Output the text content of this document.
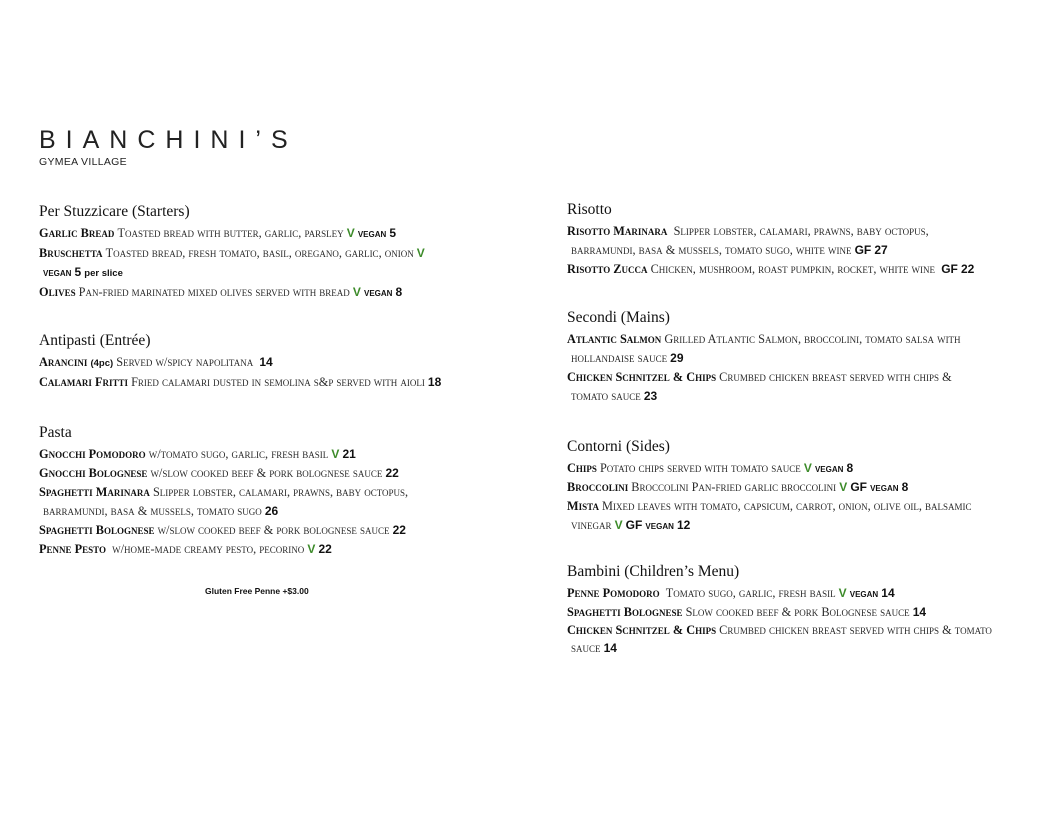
BIANCHINI’S
GYMEA VILLAGE
Per Stuzzicare (Starters)
Garlic Bread Toasted bread with butter, garlic, parsley V vegan 5
Bruschetta Toasted bread, fresh tomato, basil, oregano, garlic, onion V
vegan 5 per slice
Olives Pan-fried marinated mixed olives served with bread V vegan 8
Antipasti (Entrée)
Arancini (4pc) Served w/spicy napolitana 14
Calamari Fritti Fried calamari dusted in semolina s&p served with aioli 18
Pasta
Gnocchi Pomodoro w/tomato sugo, garlic, fresh basil V 21
Gnocchi Bolognese w/slow cooked beef & pork bolognese sauce 22
Spaghetti Marinara Slipper lobster, calamari, prawns, baby octopus,
barramundi, basa & mussels, tomato sugo 26
Spaghetti Bolognese w/slow cooked beef & pork bolognese sauce 22
Penne Pesto w/home-made creamy pesto, pecorino V 22
Gluten Free Penne +$3.00
Risotto
Risotto Marinara Slipper lobster, calamari, prawns, baby octopus,
barramundi, basa & mussels, tomato sugo, white wine GF 27
Risotto Zucca Chicken, mushroom, roast pumpkin, rocket, white wine GF 22
Secondi (Mains)
Atlantic Salmon Grilled Atlantic Salmon, broccolini, tomato salsa with
hollandaise sauce 29
Chicken Schnitzel & Chips Crumbed chicken breast served with chips &
tomato sauce 23
Contorni (Sides)
Chips Potato chips served with tomato sauce V vegan 8
Broccolini Broccolini Pan-fried garlic broccolini V GF vegan 8
Mista Mixed leaves with tomato, capsicum, carrot, onion, olive oil, balsamic
vinegar V GF vegan 12
Bambini (Children’s Menu)
Penne Pomodoro Tomato sugo, garlic, fresh basil V vegan 14
Spaghetti Bolognese Slow cooked beef & pork Bolognese sauce 14
Chicken Schnitzel & Chips Crumbed chicken breast served with chips & tomato
sauce 14
